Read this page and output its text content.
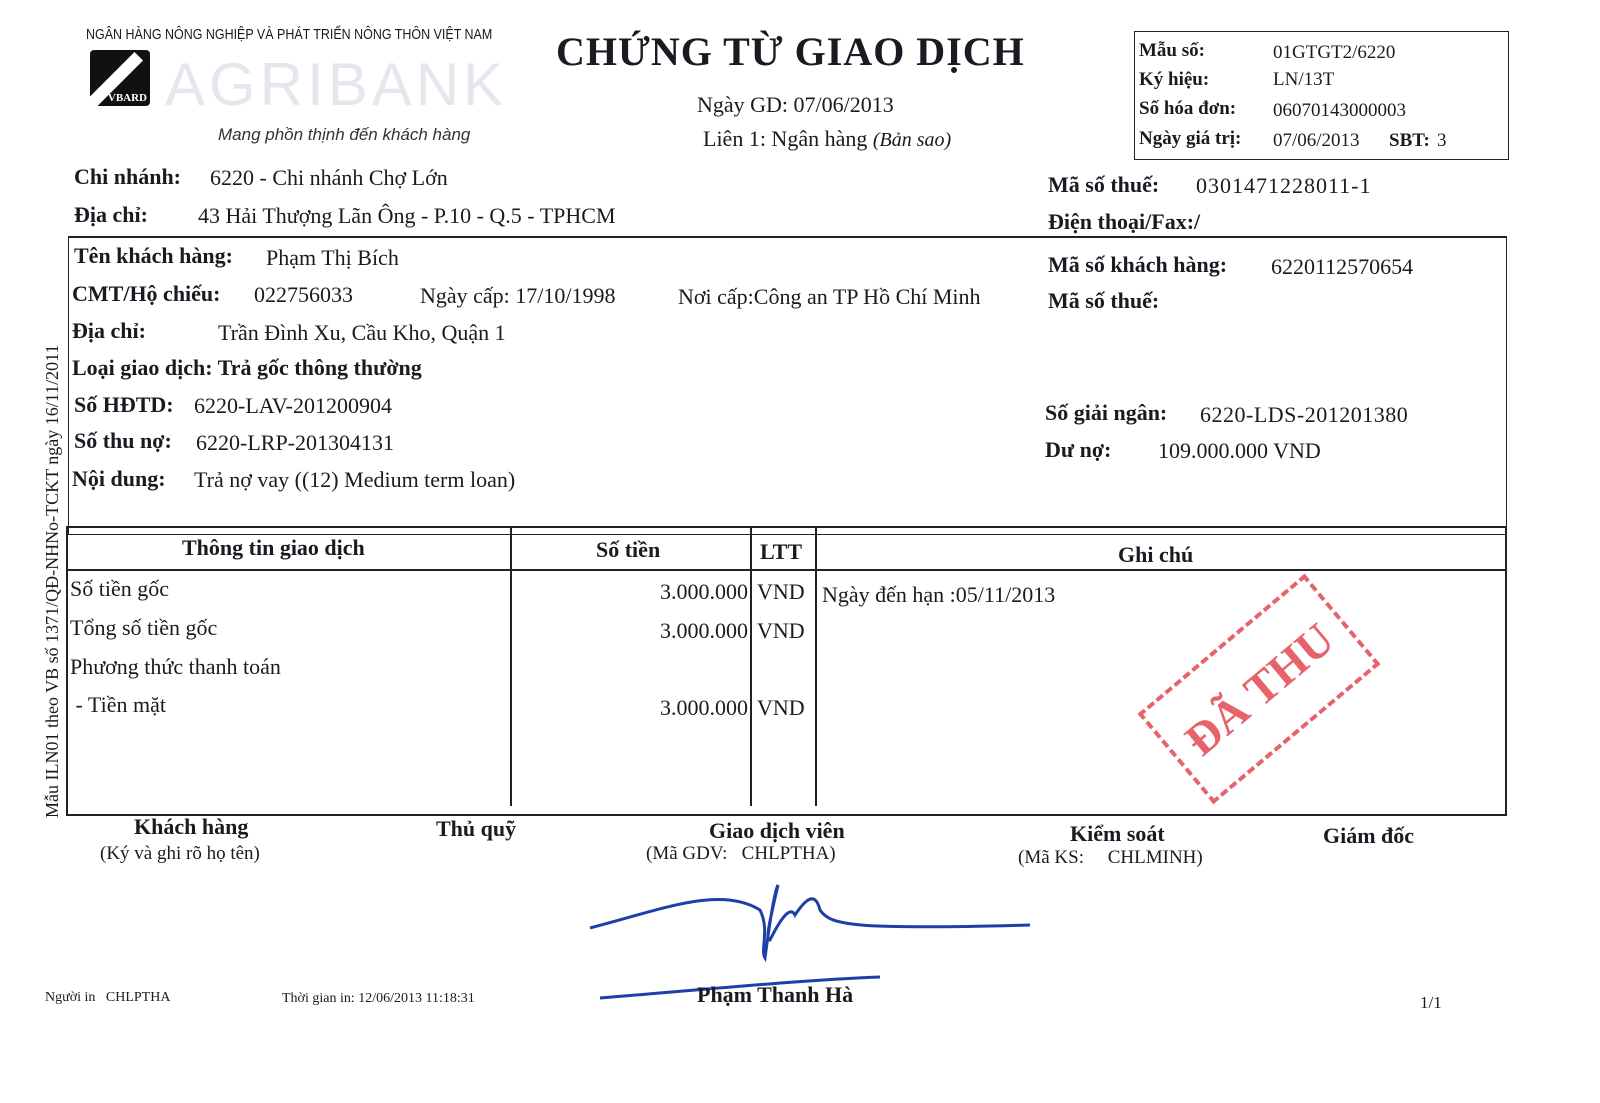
NGÂN HÀNG NÔNG NGHIỆP VÀ PHÁT TRIỂN NÔNG THÔN VIỆT NAM
VBARD AGRIBANK
Mang phồn thịnh đến khách hàng
CHỨNG TỪ GIAO DỊCH
Ngày GD: 07/06/2013
Liên 1: Ngân hàng (Bản sao)
Mẫu số:	01GTGT2/6220
Ký hiệu:	LN/13T
Số hóa đơn: 06070143000003
Ngày giá trị: 07/06/2013 SBT: 3
Chi nhánh: 6220 - Chi nhánh Chợ Lớn
Địa chỉ: 43 Hải Thượng Lãn Ông - P.10 - Q.5 - TPHCM
Mã số thuế: 0301471228011-1
Điện thoại/Fax:/
Tên khách hàng: Phạm Thị Bích
CMT/Hộ chiếu: 022756033	Ngày cấp: 17/10/1998	Nơi cấp:Công an TP Hồ Chí Minh
Địa chỉ:	Trần Đình Xu, Cầu Kho, Quận 1
Loại giao dịch: Trả gốc thông thường
Số HĐTD: 6220-LAV-201200904
Số thu nợ: 6220-LRP-201304131
Nội dung: Trả nợ vay ((12) Medium term loan)
Mã số khách hàng: 6220112570654
Mã số thuế:
Số giải ngân: 6220-LDS-201201380
Dư nợ: 109.000.000 VND
Thông tin giao dịch	Số tiền	LTT	Ghi chú
Số tiền gốc	3.000.000 VND Ngày đến hạn :05/11/2013
Tổng số tiền gốc	3.000.000 VND
Phương thức thanh toán
- Tiền mặt	3.000.000 VND	ĐÃ THU
Khách hàng
(Ký và ghi rõ họ tên)
Thủ quỹ	Giao dịch viên
(Mã GDV:   CHLPTHA)
Kiểm soát
(Mã KS:     CHLMINH)
Giám đốc
Phạm Thanh Hà
Người in   CHLPTHA	Thời gian in: 12/06/2013 11:18:31	1/1
Mẫu ILN01 theo VB số 1371/QĐ-NHNo-TCKT ngày 16/11/2011
